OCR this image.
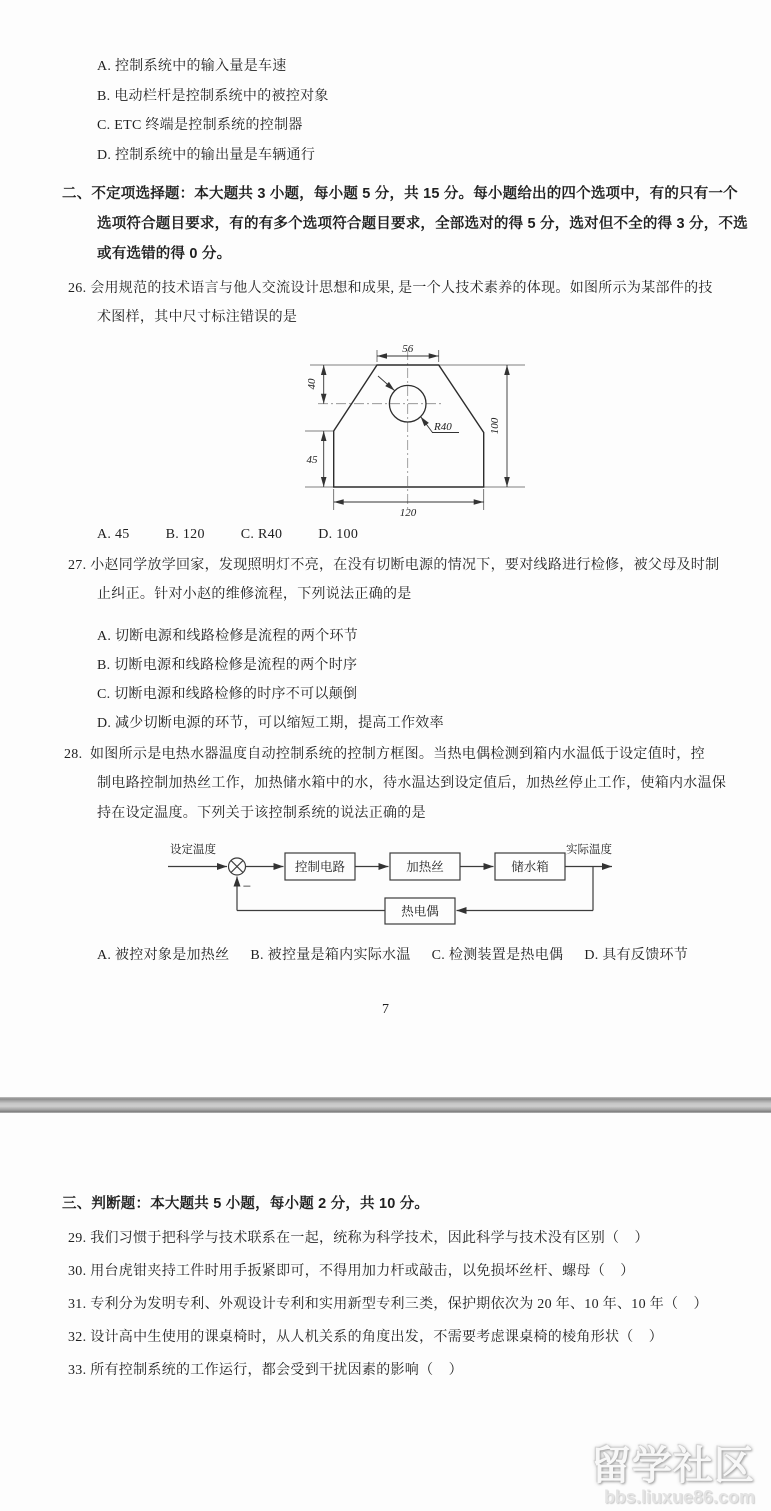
A. 控制系统中的输入量是车速
B. 电动栏杆是控制系统中的被控对象
C. ETC 终端是控制系统的控制器
D. 控制系统中的输出量是车辆通行
二、不定项选择题：本大题共 3 小题，每小题 5 分，共 15 分。每小题给出的四个选项中，有的只有一个
选项符合题目要求，有的有多个选项符合题目要求，全部选对的得 5 分，选对但不全的得 3 分，不选
或有选错的得 0 分。
26. 会用规范的技术语言与他人交流设计思想和成果, 是一个人技术素养的体现。如图所示为某部件的技
术图样，其中尺寸标注错误的是
56
40
45
100
120
R40
A. 45	B. 120	C. R40	D. 100
27. 小赵同学放学回家，发现照明灯不亮，在没有切断电源的情况下，要对线路进行检修，被父母及时制
止纠正。针对小赵的维修流程，下列说法正确的是
A. 切断电源和线路检修是流程的两个环节
B. 切断电源和线路检修是流程的两个时序
C. 切断电源和线路检修的时序不可以颠倒
D. 减少切断电源的环节，可以缩短工期，提高工作效率
28.  如图所示是电热水器温度自动控制系统的控制方框图。当热电偶检测到箱内水温低于设定值时，控
制电路控制加热丝工作，加热储水箱中的水，待水温达到设定值后，加热丝停止工作，使箱内水温保
持在设定温度。下列关于该控制系统的说法正确的是
设定温度	实际温度
−
控制电路	加热丝	储水箱
热电偶
A. 被控对象是加热丝 B. 被控量是箱内实际水温 C. 检测装置是热电偶 D. 具有反馈环节
7
三、判断题：本大题共 5 小题，每小题 2 分，共 10 分。
29. 我们习惯于把科学与技术联系在一起，统称为科学技术，因此科学与技术没有区别（    ）
30. 用台虎钳夹持工件时用手扳紧即可，不得用加力杆或敲击，以免损坏丝杆、螺母（    ）
31. 专利分为发明专利、外观设计专利和实用新型专利三类，保护期依次为 20 年、10 年、10 年（    ）
32. 设计高中生使用的课桌椅时，从人机关系的角度出发，不需要考虑课桌椅的棱角形状（    ）
33. 所有控制系统的工作运行，都会受到干扰因素的影响（    ）
留学社区
bbs.liuxue86.com
